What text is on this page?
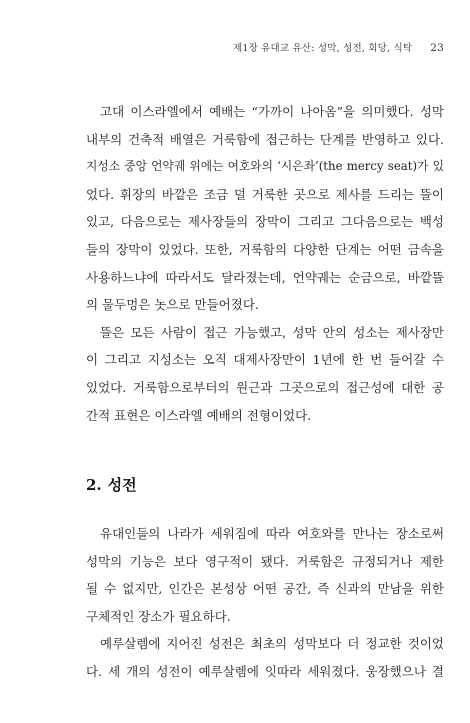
제1장 유대교 유산: 성막, 성전, 회당, 식탁 23
고대 이스라엘에서 예배는 “가까이 나아옴”을 의미했다. 성막
내부의 건축적 배열은 거룩함에 접근하는 단계를 반영하고 있다.
지성소 중앙 언약궤 위에는 여호와의 ‘시은좌’(the mercy seat)가 있
었다. 휘장의 바깥은 조금 덜 거룩한 곳으로 제사를 드리는 뜰이
있고, 다음으로는 제사장들의 장막이 그리고 그다음으로는 백성
들의 장막이 있었다. 또한, 거룩함의 다양한 단계는 어떤 금속을
사용하느냐에 따라서도 달라졌는데, 언약궤는 순금으로, 바깥뜰
의 물두멍은 놋으로 만들어졌다.
뜰은 모든 사람이 접근 가능했고, 성막 안의 성소는 제사장만
이 그리고 지성소는 오직 대제사장만이 1년에 한 번 들어갈 수
있었다. 거룩함으로부터의 원근과 그곳으로의 접근성에 대한 공
간적 표현은 이스라엘 예배의 전형이었다.
2. 성전
유대인들의 나라가 세워짐에 따라 여호와를 만나는 장소로써
성막의 기능은 보다 영구적이 됐다. 거룩함은 규정되거나 제한
될 수 없지만, 인간은 본성상 어떤 공간, 즉 신과의 만남을 위한
구체적인 장소가 필요하다.
예루살렘에 지어진 성전은 최초의 성막보다 더 정교한 것이었
다. 세 개의 성전이 예루살렘에 잇따라 세워졌다. 웅장했으나 결
